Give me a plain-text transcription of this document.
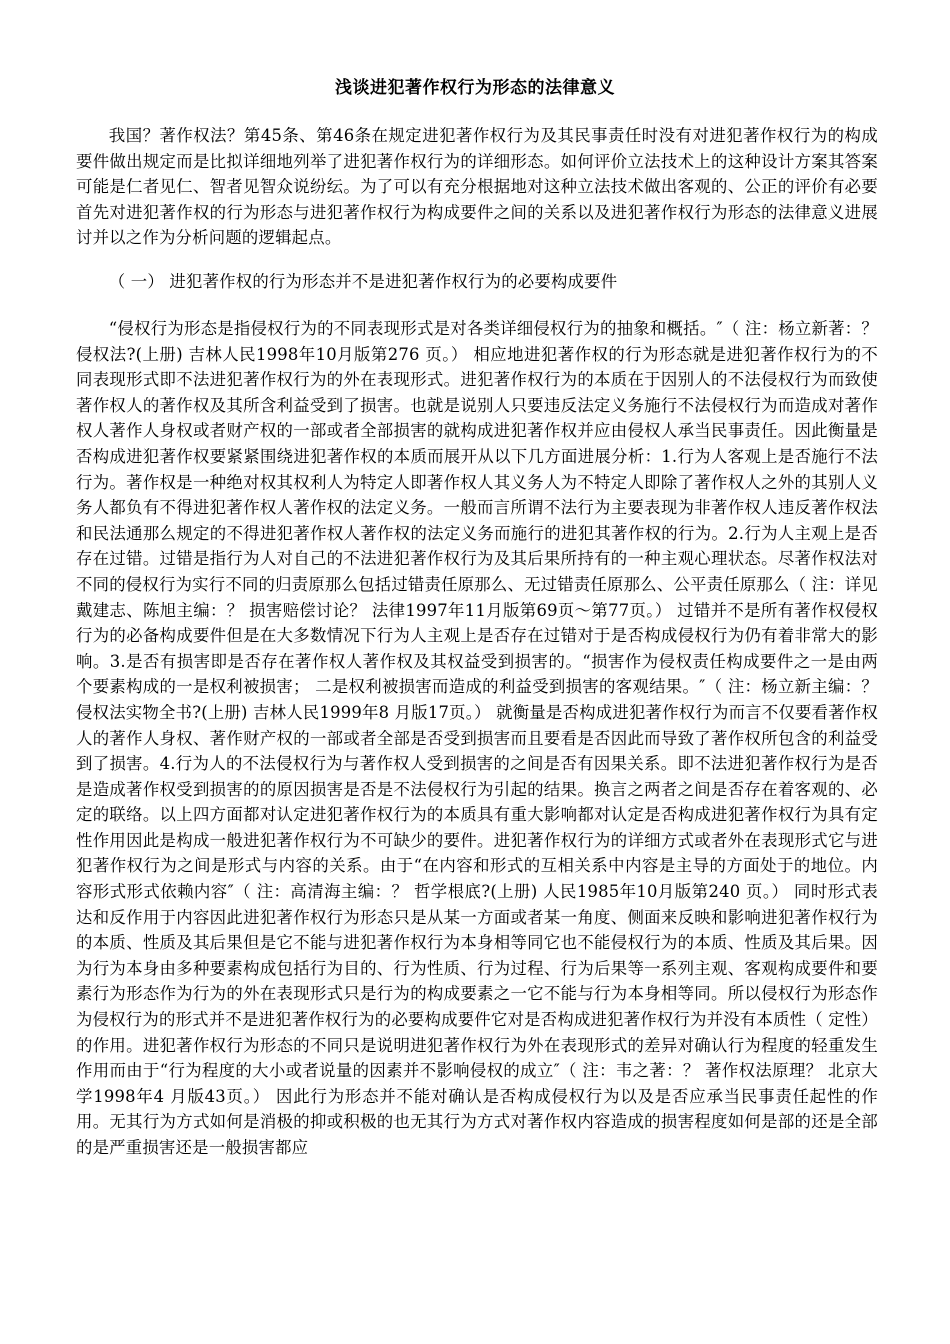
浅谈进犯著作权行为形态的法律意义

我国？著作权法？第45条、第46条在规定进犯著作权行为及其民事责任时没有对进犯著作权行为的构成要件做出规定而是比拟详细地列举了进犯著作权行为的详细形态。如何评价立法技术上的这种设计方案其答案可能是仁者见仁、智者见智众说纷纭。为了可以有充分根据地对这种立法技术做出客观的、公正的评价有必要首先对进犯著作权的行为形态与进犯著作权行为构成要件之间的关系以及进犯著作权行为形态的法律意义进展讨并以之作为分析问题的逻辑起点。

（ 一） 进犯著作权的行为形态并不是进犯著作权行为的必要构成要件

“侵权行为形态是指侵权行为的不同表现形式是对各类详细侵权行为的抽象和概括。″（ 注：杨立新著：？ 侵权法?(上册) 吉林人民1998年10月版第276 页。） 相应地进犯著作权的行为形态就是进犯著作权行为的不同表现形式即不法进犯著作权行为的外在表现形式。进犯著作权行为的本质在于因别人的不法侵权行为而致使著作权人的著作权及其所含利益受到了损害。也就是说别人只要违反法定义务施行不法侵权行为而造成对著作权人著作人身权或者财产权的一部或者全部损害的就构成进犯著作权并应由侵权人承当民事责任。因此衡量是否构成进犯著作权要紧紧围绕进犯著作权的本质而展开从以下几方面进展分析：1.行为人客观上是否施行不法行为。著作权是一种绝对权其权利人为特定人即著作权人其义务人为不特定人即除了著作权人之外的其别人义务人都负有不得进犯著作权人著作权的法定义务。一般而言所谓不法行为主要表现为非著作权人违反著作权法和民法通那么规定的不得进犯著作权人著作权的法定义务而施行的进犯其著作权的行为。2.行为人主观上是否存在过错。过错是指行为人对自己的不法进犯著作权行为及其后果所持有的一种主观心理状态。尽著作权法对不同的侵权行为实行不同的归责原那么包括过错责任原那么、无过错责任原那么、公平责任原那么（ 注：详见戴建志、陈旭主编：？ 损害赔偿讨论？ 法律1997年11月版第69页～第77页。） 过错并不是所有著作权侵权行为的必备构成要件但是在大多数情况下行为人主观上是否存在过错对于是否构成侵权行为仍有着非常大的影响。3.是否有损害即是否存在著作权人著作权及其权益受到损害的。“损害作为侵权责任构成要件之一是由两个要素构成的一是权利被损害； 二是权利被损害而造成的利益受到损害的客观结果。″（ 注：杨立新主编：？ 侵权法实物全书?(上册) 吉林人民1999年8 月版17页。） 就衡量是否构成进犯著作权行为而言不仅要看著作权人的著作人身权、著作财产权的一部或者全部是否受到损害而且要看是否因此而导致了著作权所包含的利益受到了损害。4.行为人的不法侵权行为与著作权人受到损害的之间是否有因果关系。即不法进犯著作权行为是否是造成著作权受到损害的的原因损害是否是不法侵权行为引起的结果。换言之两者之间是否存在着客观的、必定的联络。以上四方面都对认定进犯著作权行为的本质具有重大影响都对认定是否构成进犯著作权行为具有定性作用因此是构成一般进犯著作权行为不可缺少的要件。进犯著作权行为的详细方式或者外在表现形式它与进犯著作权行为之间是形式与内容的关系。由于“在内容和形式的互相关系中内容是主导的方面处于的地位。内容形式形式依赖内容″（ 注：高清海主编：？ 哲学根底?(上册) 人民1985年10月版第240 页。） 同时形式表达和反作用于内容因此进犯著作权行为形态只是从某一方面或者某一角度、侧面来反映和影响进犯著作权行为的本质、性质及其后果但是它不能与进犯著作权行为本身相等同它也不能侵权行为的本质、性质及其后果。因为行为本身由多种要素构成包括行为目的、行为性质、行为过程、行为后果等一系列主观、客观构成要件和要素行为形态作为行为的外在表现形式只是行为的构成要素之一它不能与行为本身相等同。所以侵权行为形态作为侵权行为的形式并不是进犯著作权行为的必要构成要件它对是否构成进犯著作权行为并没有本质性（ 定性） 的作用。进犯著作权行为形态的不同只是说明进犯著作权行为外在表现形式的差异对确认行为程度的轻重发生作用而由于“行为程度的大小或者说量的因素并不影响侵权的成立″（ 注：韦之著：？ 著作权法原理？ 北京大学1998年4 月版43页。） 因此行为形态并不能对确认是否构成侵权行为以及是否应承当民事责任起性的作用。无其行为方式如何是消极的抑或积极的也无其行为方式对著作权内容造成的损害程度如何是部的还是全部的是严重损害还是一般损害都应
